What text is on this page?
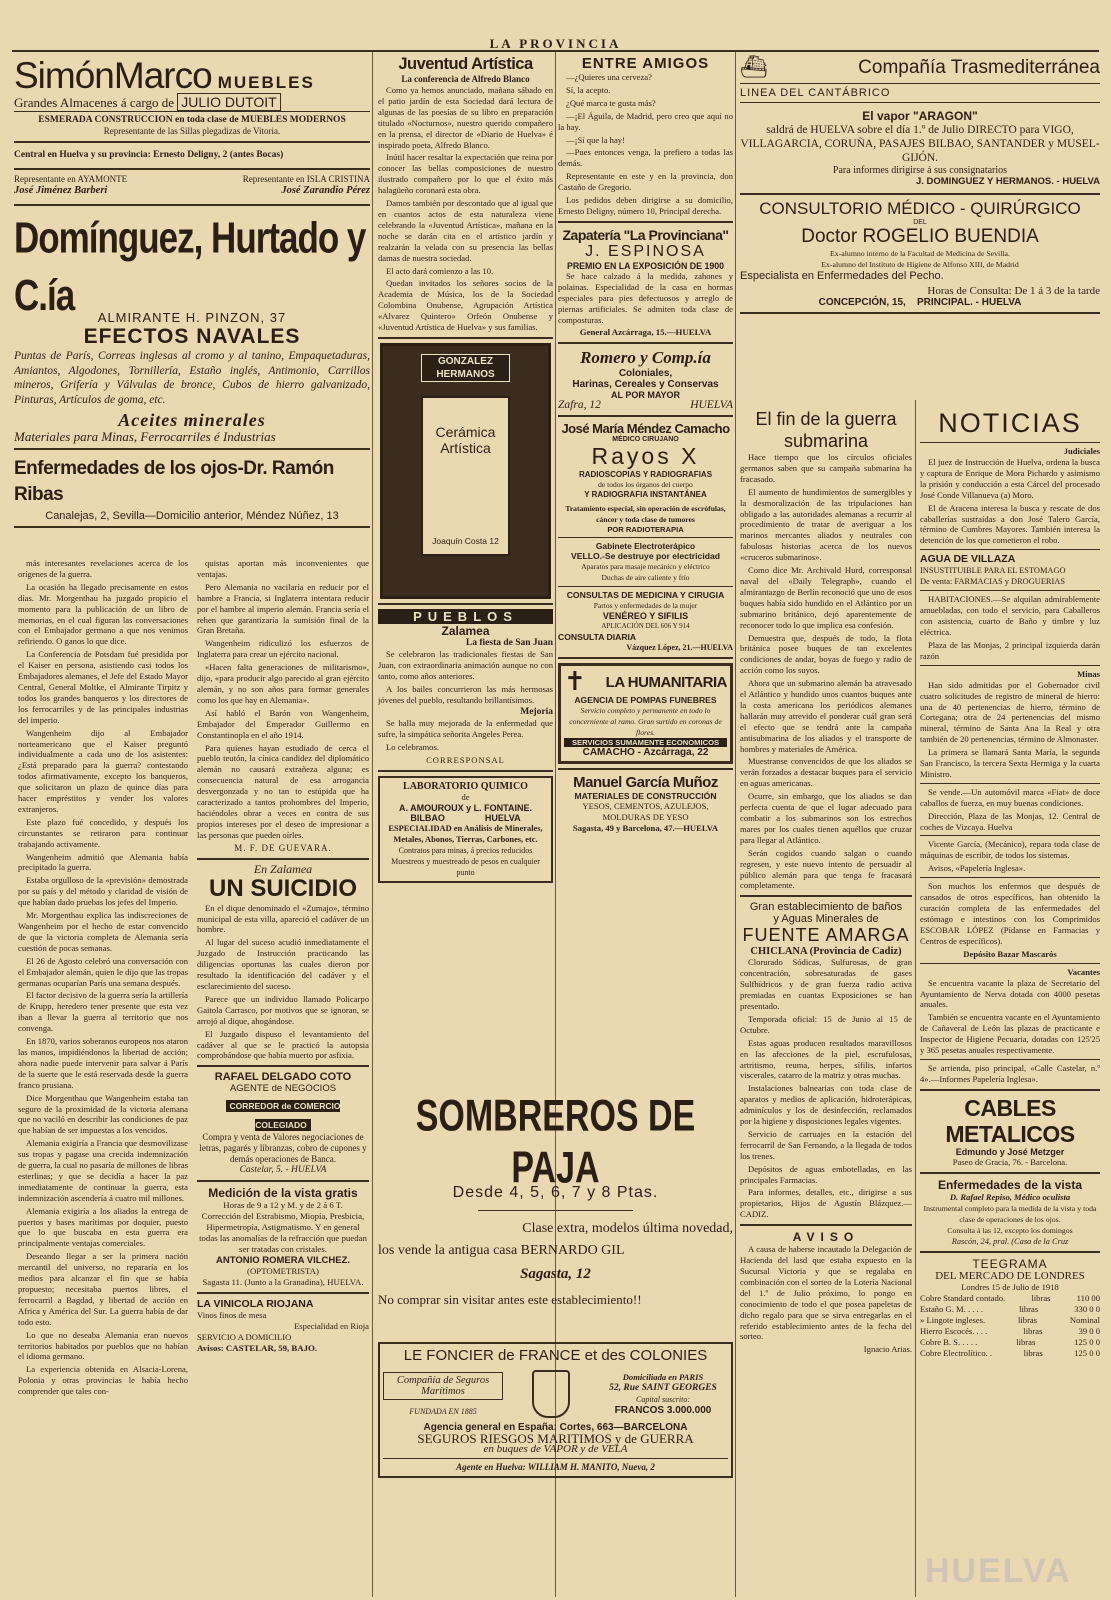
LA PROVINCIA
SimónMarco MUEBLES
Grandes Almacenes á cargo de JULIO DUTOIT
ESMERADA CONSTRUCCION en toda clase de MUEBLES MODERNOS
Representante de las Sillas plegadizas de Vitoria.
Central en Huelva y su provincia: Ernesto Deligny, 2 (antes Bocas)
Representante en AYAMONTE	Representante en ISLA CRISTINA
José Jiménez Barberi	José Zarandio Pérez
Domínguez, Hurtado y C.ía	ALMIRANTE H. PINZON, 37
EFECTOS NAVALES
Puntas de París, Correas inglesas al cromo y al tanino, Empaquetaduras, Amiantos, Algodones, Tornillería, Estaño inglés, Antimonio, Carrillos mineros, Grifería y Válvulas de bronce, Cubos de hierro galvanizado, Pinturas, Artículos de goma, etc.
Aceites minerales
Materiales para Minas, Ferrocarriles é Industrias
Enfermedades de los ojos-Dr. Ramón Ribas
Canalejas, 2, Sevilla—Domicilio anterior, Méndez Núñez, 13

más interesantes revelaciones acerca de los orígenes de la guerra.

La ocasión ha llegado precisamente en estos días. Mr. Morgenthau ha juzgado propicio el momento para la publicación de un libro de memorias, en el cual figuran las conversaciones con el Embajador germano a que nos venimos refiriendo. O ganos lo que dice.

La Conferencia de Potsdam fué presidida por el Kaiser en persona, asistiendo casi todos los Embajadores alemanes, el Jefe del Estado Mayor Central, General Moltke, el Almirante Tirpitz y todos los grandes banqueros y los directores de los ferrocarriles y de las principales industrias del imperio.

Wangenheim dijo al Embajador norteamericano que el Kaiser preguntó individualmente a cada uno de los asistentes: ¿Está preparado para la guerra? contestando todos afirmativamente, excepto los banqueros, que solicitaron un plazo de quince días para hacer empréstitos y vender los valores extranjeros.

Este plazo fué concedido, y después los circunstantes se retiraron para continuar trabajando activamente.

Wangenheim admitió que Alemania había precipitado la guerra.

Estaba orgulloso de la «previsión» demostrada por su país y del método y claridad de visión de que habían dado pruebas los jefes del Imperio.

Mr. Morgenthau explica las indiscreciones de Wangenheim por el hecho de estar convencido de que la victoria completa de Alemania sería cuestión de pocas semanas.

El 26 de Agosto celebró una conversación con el Embajador alemán, quien le dijo que las tropas germanas ocuparían París una semana después.

El factor decisivo de la guerra sería la artillería de Krupp, heredero tener presente que esta vez iban a llevar la guerra al territorio que nos convenga.

En 1870, varios soberanos europeos nos ataron las manos, impidiéndonos la libertad de acción; ahora nadie puede intervenir para salvar á París de la suerte que le está reservada desde la guerra franco prusiana.

Dice Morgenthau que Wangenheim estaba tan seguro de la proximidad de la victoria alemana que no vaciló en describir las condiciones de paz que habían de ser impuestas a los vencidos.

Alemania exigiría a Francia que desmovilizase sus tropas y pagase una crecida indemnización de guerra, la cual no pasaría de millones de libras esterlinas; y que se decidía a hacer la paz inmediatamente de continuar la guerra, esta indemnización ascendería á cuatro mil millones.

Alemania exigiría a los aliados la entrega de puertos y bases marítimas por doquier, puesto que lo que buscaba en esta guerra era principalmente ventajas comerciales.

Deseando llegar a ser la primera nación mercantil del universo, no repararía en los medios para alcanzar el fin que se había propuesto; necesitaba puertos libres, el ferrocarril a Bagdad, y libertad de acción en Africa y América del Sur. La guerra había de dar todo esto.

Lo que no deseaba Alemania eran nuevos territorios habitados por pueblos que no habían el idioma germano.

La experiencia obtenida en Alsacia-Lorena, Polonia y otras provincias le había hecho comprender que tales con-

quistas aportan más inconvenientes que ventajas.

Pero Alemania no vacilaría en reducir por el hambre a Francia, si Inglaterra intentara reducir por el hambre al imperio alemán. Francia sería el rehen que garantizaría la sumisión final de la Gran Bretaña.

Wangenheim ridiculizó los esfuerzos de Inglaterra para crear un ejército nacional.

«Hacen falta generaciones de militarismo», dijo, «para producir algo parecido al gran ejército alemán, y no son años para formar generales como los que hay en Alemania».

Así habló el Barón von Wangenheim, Embajador del Emperador Guillermo en Constantinopla en el año 1914.

Para quienes hayan estudiado de cerca el pueblo teutón, la cínica candidez del diplomático alemán no causará extrañeza alguna; es consecuencia natural de esa arrogancia desvergonzada y no tan to estúpida que ha caracterizado a tantos prohombres del Imperio, haciéndoles obrar a veces en contra de sus propios intereses por el deseo de impresionar a las personas que pueden oírles.

M. F. DE GUEVARA.
En Zalamea
UN SUICIDIO

En el dique denominado el «Zumajo», término municipal de esta villa, apareció el cadáver de un hombre.

Al lugar del suceso acudió inmediatamente el Juzgado de Instrucción practicando las diligencias oportunas las cuales dieron por resultado la identificación del cadáver y el esclarecimiento del suceso.

Parece que un individuo llamado Policarpo Gaitola Carrasco, por motivos que se ignoran, se arrojó al dique, ahogándose.

El Juzgado dispuso el levantamiento del cadáver al que se le practicó la autopsia comprobándose que había muerto por asfixia.

RAFAEL DELGADO COTO
AGENTE de NEGOCIOS
CORREDOR de COMERCIO COLEGIADO
Compra y venta de Valores negociaciones de letras, pagarés y libranzas, cobro de cupones y demás operaciones de Banca.
Castelar, 5. - HUELVA
Medición de la vista gratis
Horas de 9 a 12 y M. y de 2 á 6 T.
Corrección del Estrabismo, Miopía, Presbicia, Hipermetropía, Astigmatismo. Y en general todas las anomalías de la refracción que puedan ser tratadas con cristales.
ANTONIO ROMERA VILCHEZ.
(OPTOMETRISTA)
Sagasta 11. (Junto a la Granadina), HUELVA.
LA VINICOLA RIOJANA
Vinos finos de mesa
Especialidad en Rioja
SERVICIO A DOMICILIO
Avisos: CASTELAR, 59, BAJO.
Juventud Artística
La conferencia de Alfredo Blanco

Como ya hemos anunciado, mañana sábado en el patio jardín de esta Sociedad dará lectura de algunas de las poesías de su libro en preparación titulado «Nocturnos», nuestro querido compañero en la prensa, el director de «Diario de Huelva» é inspirado poeta, Alfredo Blanco.

Inútil hacer resaltar la expectación que reina por conocer las bellas composiciones de nuestro ilustrado compañero por lo que el éxito más halagüeño coronará esta obra.

Damos también por descontado que al igual que en cuantos actos de esta naturaleza viene celebrando la «Juventud Artística», mañana en la noche se darán cita en el artístico jardín y realzarán la velada con su presencia las bellas damas de nuestra sociedad.

El acto dará comienzo a las 10.

Quedan invitados los señores socios de la Academia de Música, los de la Sociedad Colombina Onubense, Agrupación Artística «Alvarez Quintero» Orfeón Onubense y «Juventud Artística de Huelva» y sus familias.

GONZALEZ
HERMANOS
Cerámica
Artística
Joaquín Costa 12
PUEBLOS
Zalamea
La fiesta de San Juan

Se celebraron las tradicionales fiestas de San Juan, con extraordinaria animación aunque no con tanto, como años anteriores.

A los bailes concurrieron las más hermosas jóvenes del pueblo, resultando brillantísimos.

Mejoria

Se halla muy mejorada de la enfermedad que sufre, la simpática señorita Angeles Perea.

Lo celebramos.

CORRESPONSAL
LABORATORIO QUIMICO
de
A. AMOUROUX y L. FONTAINE.
BILBAO                HUELVA
ESPECIALIDAD en Análisis de Minerales, Metales, Abonos, Tierras, Carbones, etc.
Contratos para minas, á precios reducidos
Muestreos y muestreado de pesos en cualquier punto
ENTRE AMIGOS

—¿Quieres una cerveza?

Sí, la acepto.

¿Qué marca te gusta más?

—¡El Águila, de Madrid, pero creo que aquí no la hay.

—¡Sí que la hay!

—Pues entonces venga, la prefiero a todas las demás.

Representante en este y en la provincia, don Castaño de Gregorio.

Los pedidos deben dirigirse a su domicilio, Ernesto Deligny, número 10, Principal derecha.

Zapatería "La Provinciana"
J. ESPINOSA
PREMIO EN LA EXPOSICIÓN DE 1900

Se hace calzado á la medida, zahones y polainas. Especialidad de la casa en hormas especiales para pies defectuosos y arreglo de piernas artificiales. Se admiten toda clase de composturas.

General Azcárraga, 15.—HUELVA
Romero y Comp.ía
Coloniales,
Harinas, Cereales y Conservas
AL POR MAYOR
Zafra, 12	HUELVA
José María Méndez Camacho
MÉDICO CIRUJANO
Rayos X
RADIOSCOPIAS Y RADIOGRAFIAS
de todos los órganos del cuerpo
Y RADIOGRAFIA INSTANTÁNEA
Tratamiento especial, sin operación de escrófulas, cáncer y toda clase de tumores
POR RADIOTERAPIA
Gabinete Electroterápico
VELLO.-Se destruye por electricidad
Aparatos para masaje mecánico y eléctrico
Duchas de aire caliente y frío
CONSULTAS DE MEDICINA Y CIRUGIA
Partos y enfermedades de la mujer
VENÉREO Y SIFILIS
APLICACIÓN DEL 606 Y 914
CONSULTA DIARIA
Vázquez López, 21.—HUELVA
✝ LA HUMANITARIA
AGENCIA DE POMPAS FUNEBRES
Servicio completo y permanente en todo lo concerniente al ramo. Gran surtido en coronas de flores.
SERVICIOS SUMAMENTE ECONOMICOS
CAMACHO - Azcárraga, 22
Manuel García Muñoz
MATERIALES DE CONSTRUCCIÓN
YESOS, CEMENTOS, AZULEJOS,
MOLDURAS DE YESO
Sagasta, 49 y Barcelona, 47.—HUELVA
SOMBREROS DE PAJA
Desde 4, 5, 6, 7 y 8 Ptas.
Clase extra, modelos última novedad,
los vende la antigua casa BERNARDO GIL
Sagasta, 12
No comprar sin visitar antes este establecimiento!!
LE FONCIER de FRANCE et des COLONIES
Compañía de Seguros Marítimos
FUNDADA EN 1885
Domiciliada en PARIS
52, Rue SAINT GEORGES
Capital suscrito:
FRANCOS 3.000.000
Agencia general en España: Cortes, 663—BARCELONA
SEGUROS RIESGOS MARITIMOS y de GUERRA
en buques de VAPOR y de VELA
Agente en Huelva: WILLIAM H. MANITO, Nueva, 2
⛴	Compañía Trasmediterránea
LINEA DEL CANTÁBRICO
El vapor "ARAGON"
saldrá de HUELVA sobre el día 1.º de Julio DIRECTO para VIGO, VILLAGARCIA, CORUÑA, PASAJES BILBAO, SANTANDER y MUSEL-GIJÓN.
Para informes dirigirse á sus consignatarios
J. DOMINGUEZ Y HERMANOS. - HUELVA
CONSULTORIO MÉDICO - QUIRÚRGICO
DEL
Doctor ROGELIO BUENDIA
Ex-alumno interno de la Facultad de Medicina de Sevilla.
Ex-alumno del Instituto de Higiene de Alfonso XIII, de Madrid
Especialista en Enfermedades del Pecho.
Horas de Consulta: De 1 á 3 de la tarde
CONCEPCIÓN, 15,    PRINCIPAL. - HUELVA
El fin de la guerra submarina

Hace tiempo que los círculos oficiales germanos saben que su campaña submarina ha fracasado.

El aumento de hundimientos de sumergibles y la desmoralización de las tripulaciones han obligado a las autoridades alemanas a recurrir al procedimiento de tratar de averiguar a los marinos mercantes aliados y neutrales con fabulosas historias acerca de los nuevos «cruceros submarinos».

Como dice Mr. Archivald Hurd, corresponsal naval del «Daily Telegraph», cuando el almirantazgo de Berlín reconoció que uno de esos buques había sido hundido en el Atlántico por un submarino británico, dejó aparentemente de reconocer todo lo que implica esa confesión.

Demuestra que, después de todo, la flota británica posee buques de tan excelentes condiciones de andar, boyas de fuego y radio de acción como los suyos.

Ahora que un submarino alemán ha atravesado el Atlántico y hundido unos cuantos buques ante la costa americana los periódicos alemanes hallarán muy atrevido el ponderar cuál gran será el efecto que se tendrá ante la campaña antisubmarina de los aliados y el transporte de hombres y materiales de América.

Muestranse convencidos de que los aliados se verán forzados a destacar buques para el servicio en aguas americanas.

Ocurre, sin embargo, que los aliados se dan perfecta cuenta de que el lugar adecuado para combatir a los submarinos son los estrechos mares por los cuales tienen aquéllos que cruzar para llegar al Atlántico.

Serán cogidos cuando salgan o cuando regresen, y este nuevo intento de persuadir al público alemán para que tenga fe fracasará completamente.

Gran establecimiento de baños
y Aguas Minerales de
FUENTE AMARGA
CHICLANA (Provincia de Cadiz)

Clorurado Sódicas, Sulfurosas, de gran concentración, sobresaturadas de gases Sulfhídricos y de gran fuerza radio activa premiadas en cuantas Exposiciones se han presentado.

Temporada oficial: 15 de Junio al 15 de Octubre.

Estas aguas producen resultados maravillosos en las afecciones de la piel, escrufulosas, artritismo, reuma, herpes, sífilis, infartos viscerales, catarro de la matriz y otras muchas.

Instalaciones balnearias con toda clase de aparatos y medios de aplicación, hidroterápicas, adminículos y los de desinfección, reclamados por la higiene y disposiciones legales vigentes.

Servicio de carruajes en la estación del ferrocarril de San Fernando, a la llegada de todos los trenes.

Depósitos de aguas embotelladas, en las principales Farmacias.

Para informes, detalles, etc., dirigirse a sus propietarios, Hijos de Agustín Blázquez.—CADIZ.

AVISO

A causa de haberse incautado la Delegación de Hacienda del lasd que estaba expuesto en la Sucursal Victoria y que se regalaba en combinación con el sorteo de la Lotería Nacional del 1.º de Julio próximo, lo pongo en conocimiento de todo el que posea papeletas de dicho regalo para que se sirva entregarlas en el referido establecimiento antes de la fecha del sorteo.

Ignacio Arias.
NOTICIAS
Judiciales

El juez de Instrucción de Huelva, ordena la busca y captura de Enrique de Mora Pichardo y asimismo la prisión y conducción a esta Cárcel del procesado José Conde Villanueva (a) Moro.

El de Aracena interesa la busca y rescate de dos caballerías sustraídas a don José Talero García, término de Cumbres Mayores. También interesa la detención de los que cometieron el robo.

AGUA DE VILLAZA
INSUSTITUIBLE PARA EL ESTOMAGO
De venta: FARMACIAS y DROGUERIAS

HABITACIONES.—Se alquilan admirablemente amuebladas, con todo el servicio, para Caballeros con asistencia, cuarto de Baño y timbre y luz eléctrica.

Plaza de las Monjas, 2 principal izquierda darán razón

Minas

Han sido admitidas por el Gobernador civil cuatro solicitudes de registro de mineral de hierro: una de 40 pertenencias de hierro, término de Cortegana; otra de 24 pertenencias del mismo mineral, término de Santa Ana la Real y otra también de 20 pertenencias, término de Almonaster.

La primera se llamará Santa María, la segunda San Francisco, la tercera Sexta Hermiga y la cuarta Ministro.

Se vende.—Un automóvil marca «Fiat» de doce caballos de fuerza, en muy buenas condiciones.

Dirección, Plaza de las Monjas, 12. Central de coches de Vizcaya. Huelva

Vicente García, (Mecánico), repara toda clase de máquinas de escribir, de todos los sistemas.

Avisos, «Papelería Inglesa».

Son muchos los enfermos que después de cansados de otros específicos, han obtenido la curación completa de las enfermedades del estómago e intestinos con los Comprimidos ESCOBAR LÓPEZ (Pídanse en Farmacias y Centros de específicos).

Depósito Bazar Mascarós
Vacantes

Se encuentra vacante la plaza de Secretario del Ayuntamiento de Nerva dotada con 4000 pesetas anuales.

También se encuentra vacante en el Ayuntamiento de Cañaveral de León las plazas de practicante e Inspector de Higiene Pecuaria, dotadas con 125'25 y 365 pesetas anuales respectivamente.

Se arrienda, piso principal, «Calle Castelar, n.º 4».—Informes Papelería Inglesa».

CABLES
METALICOS
Edmundo y José Metzger
Paseo de Gracia, 76. - Barcelona.
Enfermedades de la vista
D. Rafael Repiso, Médico oculista
Instrumental completo para la medida de la vista y toda clase de operaciones de los ojos.
Consulta á las 12, excepto los domingos
Rascón, 24, pral. (Casa de la Cruz
TEEGRAMA
DEL MERCADO DE LONDRES
Londres 15 de Julio de 1918
Cobre Standard contado.	libras	110 00
Estaño G. M. . . . .	libras	330 0 0
» Lingote ingleses.	libras	Nominal
Hierro Escocés. . . .	libras	39 0 0
Cobre B. S. . . . .	libras	125 0 0
Cobre Electrolítico. .	libras	125 0 0
HUELVA
